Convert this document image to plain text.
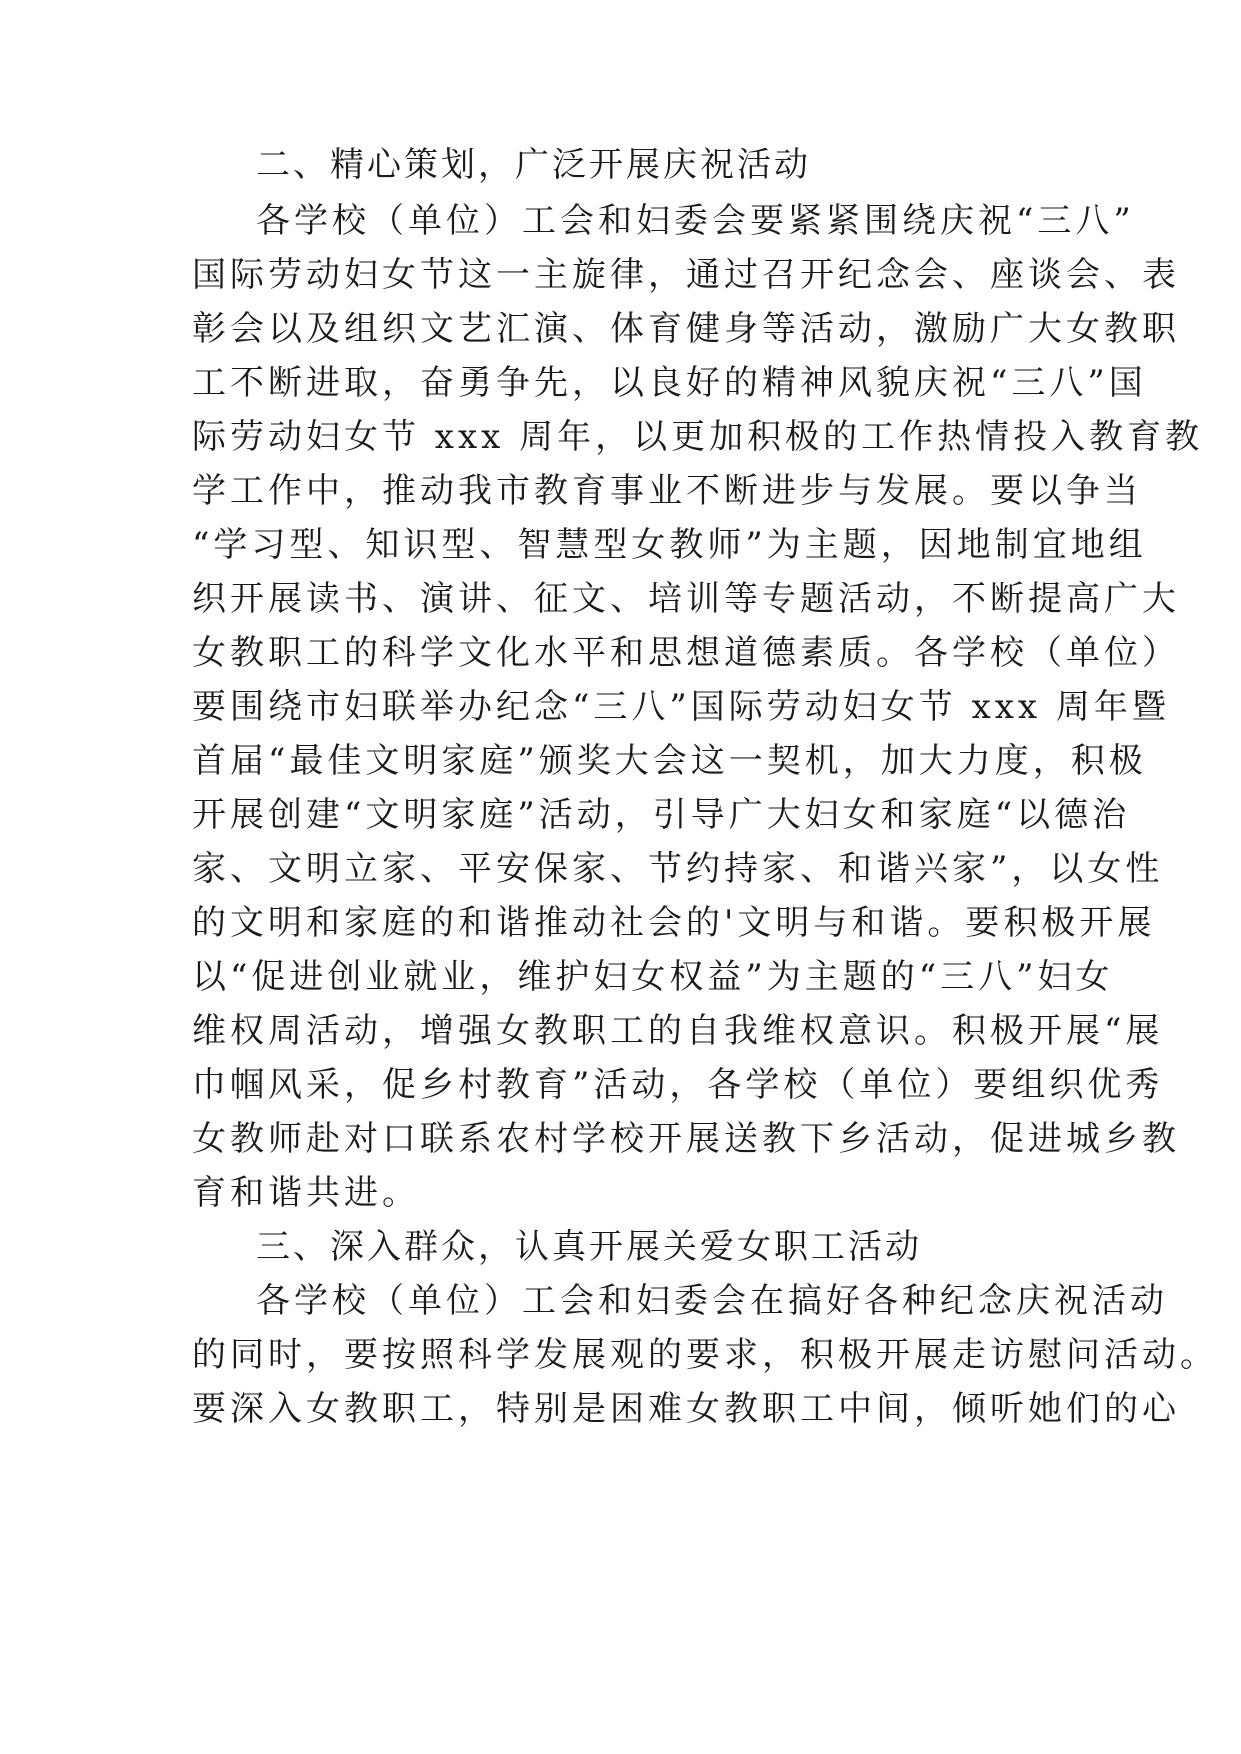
二、精心策划，广泛开展庆祝活动
各学校（单位）工会和妇委会要紧紧围绕庆祝“三八”
国际劳动妇女节这一主旋律，通过召开纪念会、座谈会、表
彰会以及组织文艺汇演、体育健身等活动，激励广大女教职
工不断进取，奋勇争先，以良好的精神风貌庆祝“三八”国
际劳动妇女节 xxx 周年，以更加积极的工作热情投入教育教
学工作中，推动我市教育事业不断进步与发展。要以争当
“学习型、知识型、智慧型女教师”为主题，因地制宜地组
织开展读书、演讲、征文、培训等专题活动，不断提高广大
女教职工的科学文化水平和思想道德素质。各学校（单位）
要围绕市妇联举办纪念“三八”国际劳动妇女节 xxx 周年暨
首届“最佳文明家庭”颁奖大会这一契机，加大力度，积极
开展创建“文明家庭”活动，引导广大妇女和家庭“以德治
家、文明立家、平安保家、节约持家、和谐兴家”，以女性
的文明和家庭的和谐推动社会的'文明与和谐。要积极开展
以“促进创业就业，维护妇女权益”为主题的“三八”妇女
维权周活动，增强女教职工的自我维权意识。积极开展“展
巾帼风采，促乡村教育”活动，各学校（单位）要组织优秀
女教师赴对口联系农村学校开展送教下乡活动，促进城乡教
育和谐共进。
三、深入群众，认真开展关爱女职工活动
各学校（单位）工会和妇委会在搞好各种纪念庆祝活动
的同时，要按照科学发展观的要求，积极开展走访慰问活动。
要深入女教职工，特别是困难女教职工中间，倾听她们的心
